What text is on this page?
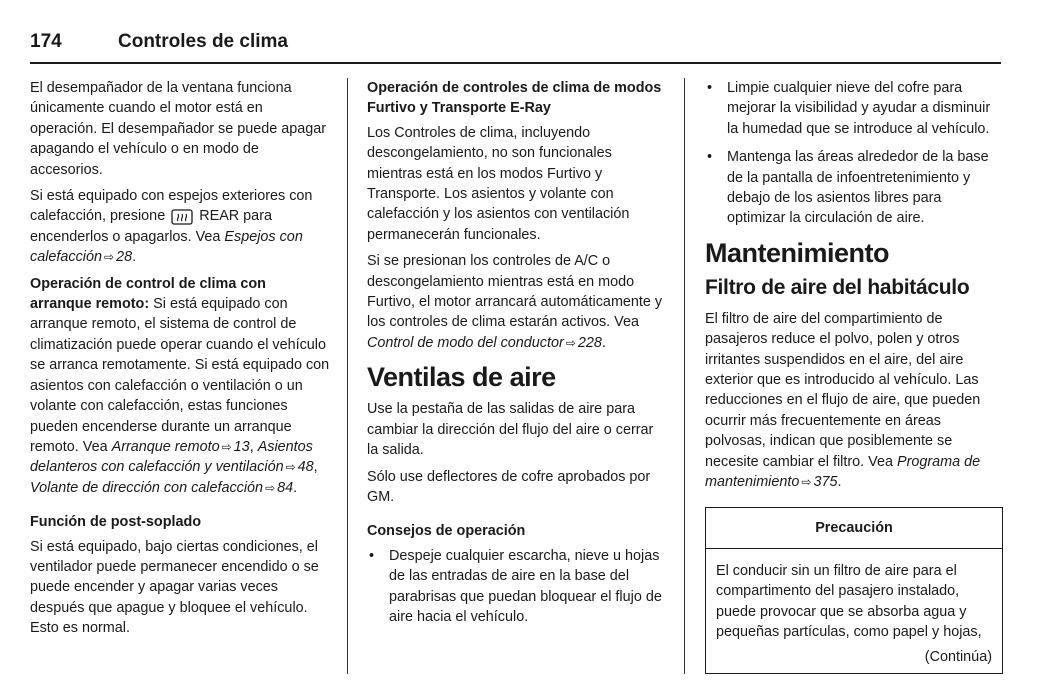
174	Controles de clima

El desempañador de la ventana funciona únicamente cuando el motor está en operación. El desempañador se puede apagar apagando el vehículo o en modo de accesorios.

Si está equipado con espejos exteriores con calefacción, presione REAR para encenderlos o apagarlos. Vea Espejos con calefacción ⇨ 28.

Operación de control de clima con arranque remoto: Si está equipado con arranque remoto, el sistema de control de climatización puede operar cuando el vehículo se arranca remotamente. Si está equipado con asientos con calefacción o ventilación o un volante con calefacción, estas funciones pueden encenderse durante un arranque remoto. Vea Arranque remoto ⇨ 13, Asientos delanteros con calefacción y ventilación ⇨ 48, Volante de dirección con calefacción ⇨ 84.

Función de post-soplado

Si está equipado, bajo ciertas condiciones, el ventilador puede permanecer encendido o se puede encender y apagar varias veces después que apague y bloquee el vehículo. Esto es normal.

Operación de controles de clima de modos Furtivo y Transporte E-Ray

Los Controles de clima, incluyendo descongelamiento, no son funcionales mientras está en los modos Furtivo y Transporte. Los asientos y volante con calefacción y los asientos con ventilación permanecerán funcionales.

Si se presionan los controles de A/C o descongelamiento mientras está en modo Furtivo, el motor arrancará automáticamente y los controles de clima estarán activos. Vea Control de modo del conductor ⇨ 228.

Ventilas de aire

Use la pestaña de las salidas de aire para cambiar la dirección del flujo del aire o cerrar la salida.

Sólo use deflectores de cofre aprobados por GM.

Consejos de operación
• Despeje cualquier escarcha, nieve u hojas de las entradas de aire en la base del parabrisas que puedan bloquear el flujo de aire hacia el vehículo.
• Limpie cualquier nieve del cofre para mejorar la visibilidad y ayudar a disminuir la humedad que se introduce al vehículo.
• Mantenga las áreas alrededor de la base de la pantalla de infoentretenimiento y debajo de los asientos libres para optimizar la circulación de aire.
Mantenimiento
Filtro de aire del habitáculo

El filtro de aire del compartimiento de pasajeros reduce el polvo, polen y otros irritantes suspendidos en el aire, del aire exterior que es introducido al vehículo. Las reducciones en el flujo de aire, que pueden ocurrir más frecuentemente en áreas polvosas, indican que posiblemente se necesite cambiar el filtro. Vea Programa de mantenimiento ⇨ 375.

Precaución
El conducir sin un filtro de aire para el compartimento del pasajero instalado, puede provocar que se absorba agua y pequeñas partículas, como papel y hojas,
(Continúa)
